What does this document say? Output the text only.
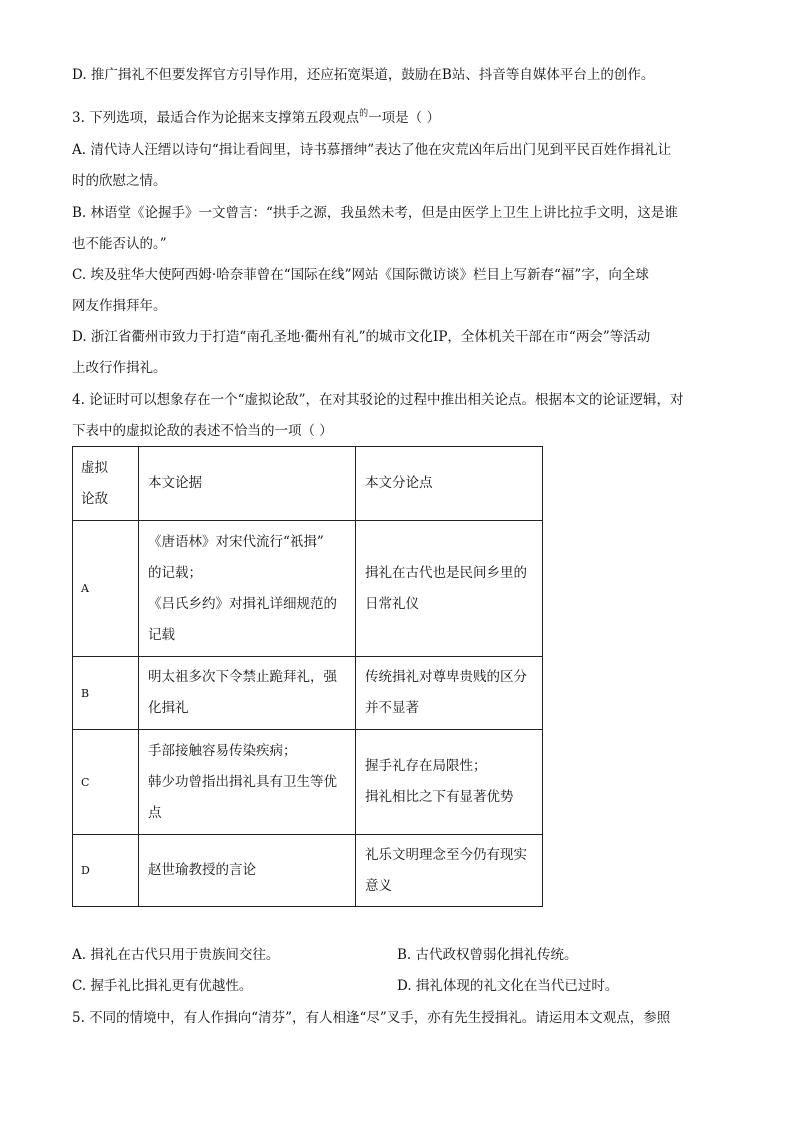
D. 推广揖礼不但要发挥官方引导作用，还应拓宽渠道，鼓励在B站、抖音等自媒体平台上的创作。
3. 下列选项，最适合作为论据来支撑第五段观点$^的$一项是（ ）
A. 清代诗人汪缙以诗句“揖让看闾里，诗书慕搢绅”表达了他在灾荒凶年后出门见到平民百姓作揖礼让
时的欣慰之情。
B. 林语堂《论握手》一文曾言：“拱手之源，我虽然未考，但是由医学上卫生上讲比拉手文明，这是谁
也不能否认的。”
C. 埃及驻华大使阿西姆·哈奈菲曾在“国际在线”网站《国际微访谈》栏目上写新春“福”字，向全球
网友作揖拜年。
D. 浙江省衢州市致力于打造“南孔圣地·衢州有礼”的城市文化IP，全体机关干部在市“两会”等活动
上改行作揖礼。
4. 论证时可以想象存在一个“虚拟论敌”，在对其驳论的过程中推出相关论点。根据本文的论证逻辑，对
下表中的虚拟论敌的表述不恰当的一项（ ）
虚拟
论敌	本文论据	本文分论点

A	《唐语林》对宋代流行“祇揖”
的记载；
《吕氏乡约》对揖礼详细规范的
记载	揖礼在古代也是民间乡里的
日常礼仪

B	明太祖多次下令禁止跪拜礼，强
化揖礼	传统揖礼对尊卑贵贱的区分
并不显著

C	手部接触容易传染疾病；
韩少功曾指出揖礼具有卫生等优
点	握手礼存在局限性；
揖礼相比之下有显著优势

D	赵世瑜教授的言论	礼乐文明理念至今仍有现实
意义
A. 揖礼在古代只用于贵族间交往。	B. 古代政权曾弱化揖礼传统。
C. 握手礼比揖礼更有优越性。	D. 揖礼体现的礼文化在当代已过时。
5. 不同的情境中，有人作揖向“清芬”，有人相逢“尽”叉手，亦有先生授揖礼。请运用本文观点，参照
